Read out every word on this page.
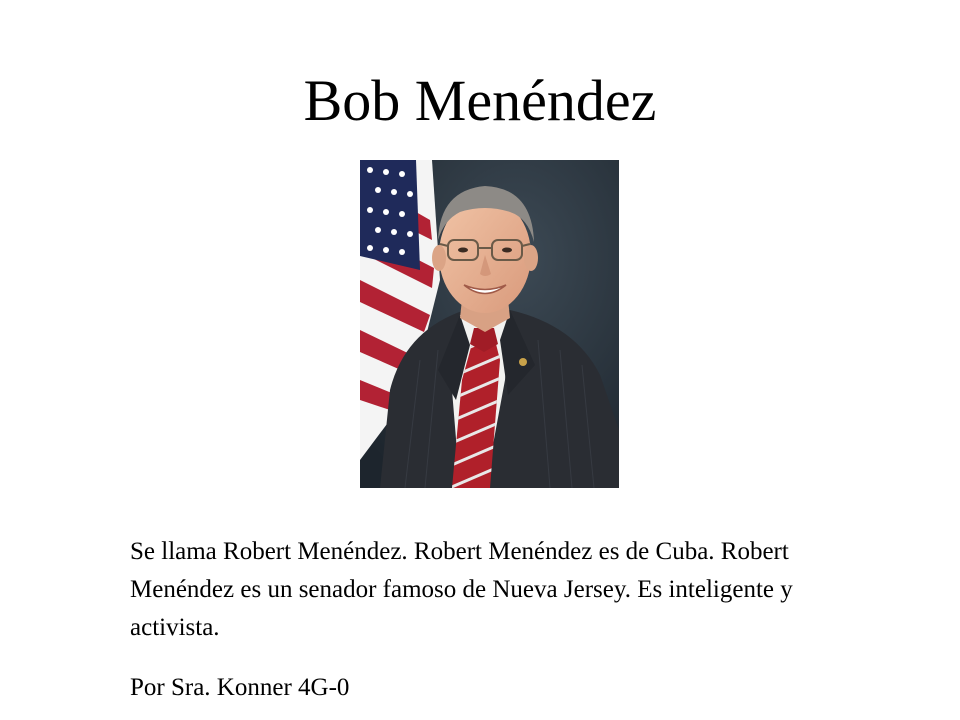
Bob Menéndez

Se llama Robert Menéndez. Robert Menéndez es de Cuba. Robert Menéndez es un senador famoso de Nueva Jersey. Es inteligente y activista.

Por Sra. Konner 4G-0
